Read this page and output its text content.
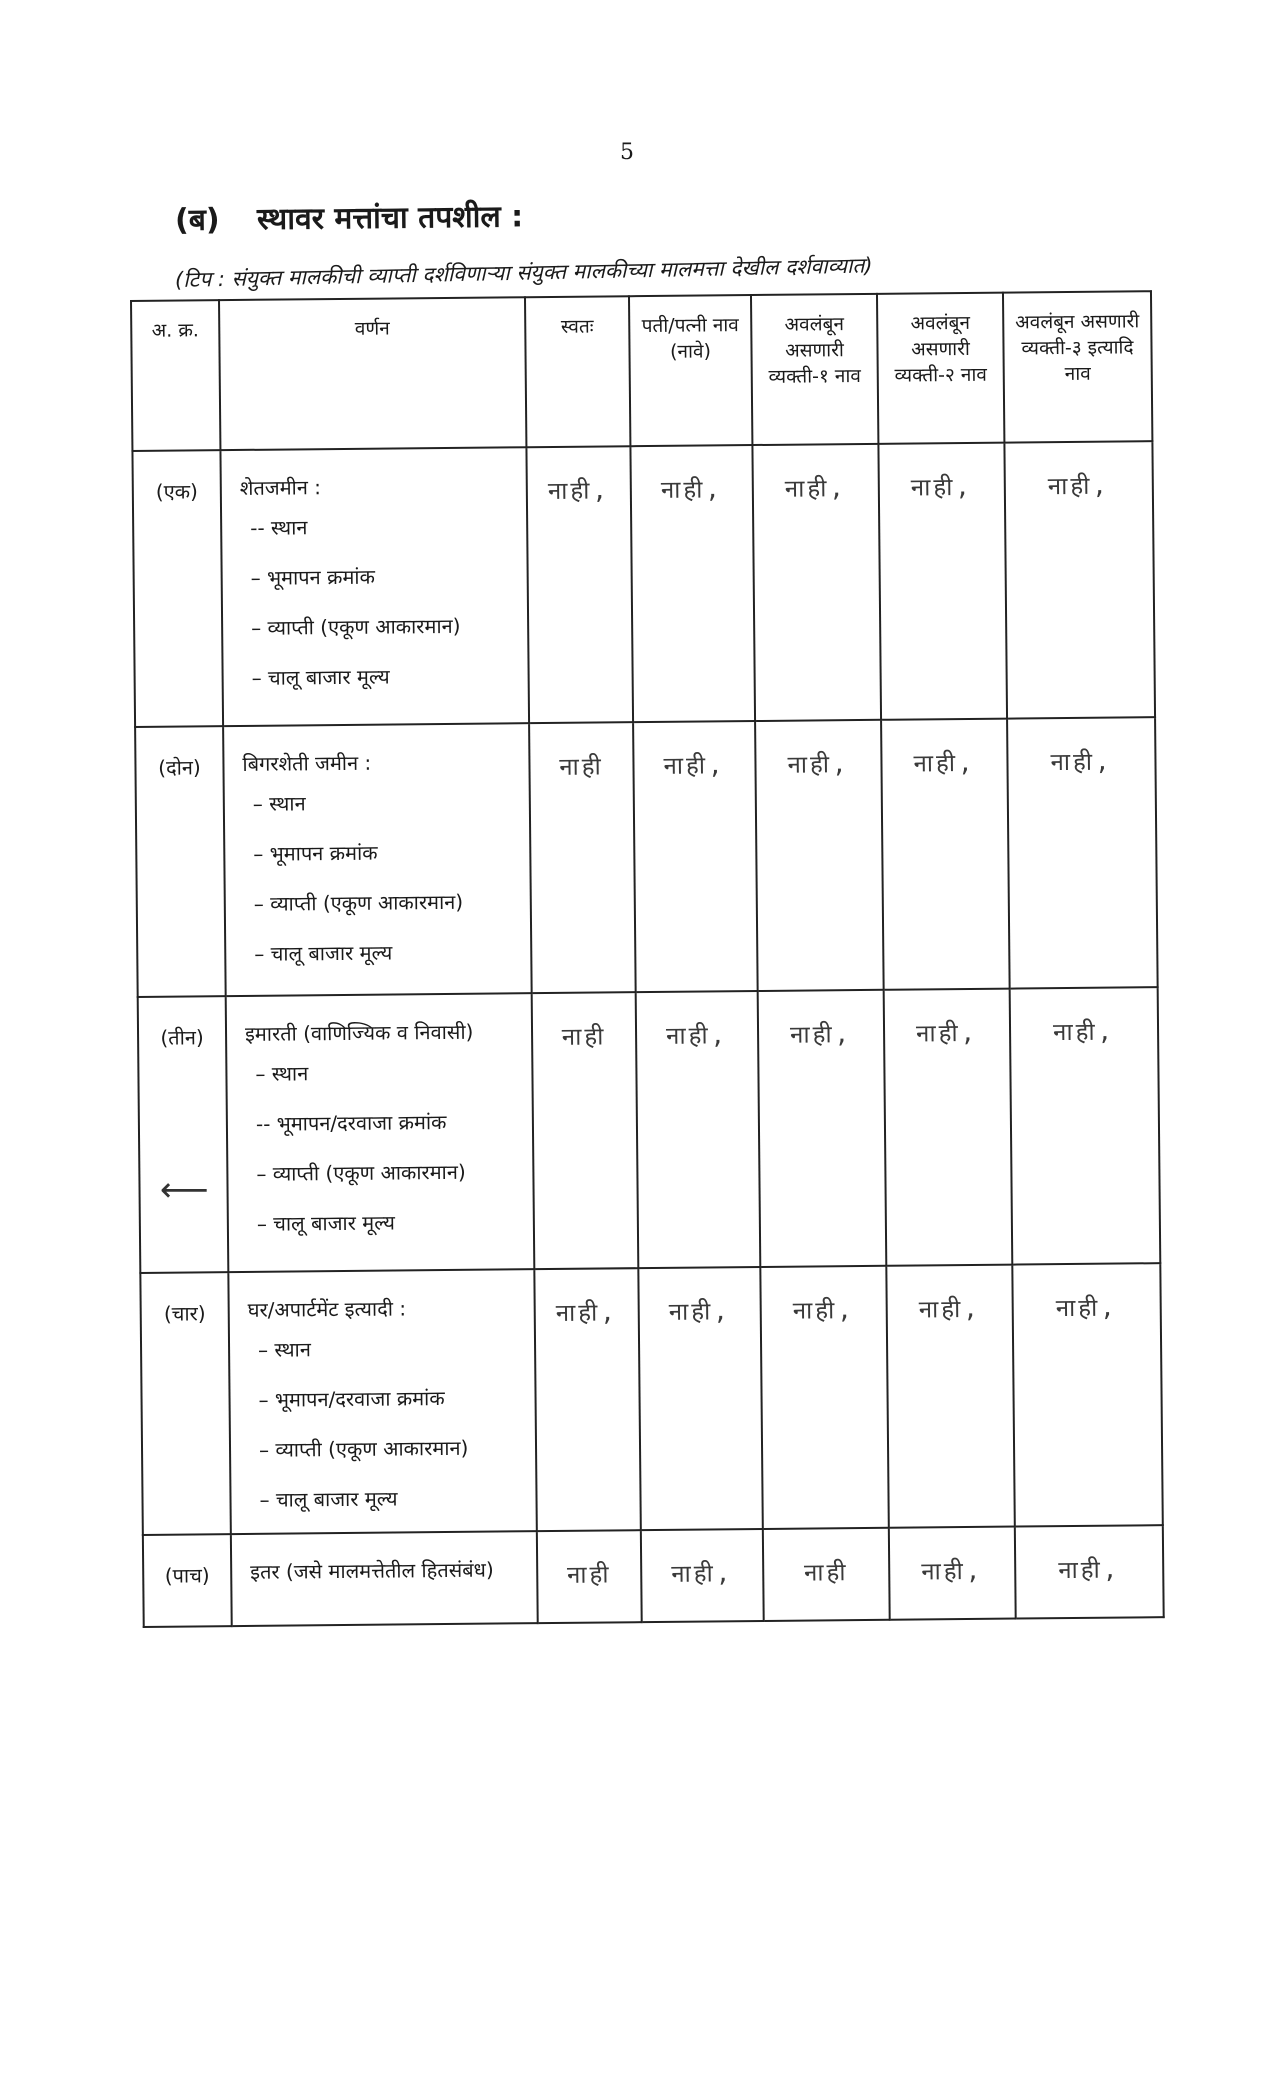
5
(ब) स्थावर मत्तांचा तपशील :
(टिप : संयुक्त मालकीची व्याप्ती दर्शविणाऱ्या संयुक्त मालकीच्या मालमत्ता देखील दर्शवाव्यात)
⟵
अ. क्र.	वर्णन	स्वतः	पती/पत्नी नाव (नावे)	अवलंबून असणारी व्यक्ती-१ नाव	अवलंबून असणारी व्यक्ती-२ नाव	अवलंबून असणारी व्यक्ती-३ इत्यादि नाव
(एक)	शेतजमीन :
-- स्थान
– भूमापन क्रमांक
– व्याप्ती (एकूण आकारमान)
– चालू बाजार मूल्य	नाही,	नाही,	नाही,	नाही,	नाही,
(दोन)	बिगरशेती जमीन :
– स्थान
– भूमापन क्रमांक
– व्याप्ती (एकूण आकारमान)
– चालू बाजार मूल्य	नाही	नाही,	नाही,	नाही,	नाही,
(तीन)	इमारती (वाणिज्यिक व निवासी)
– स्थान
-- भूमापन/दरवाजा क्रमांक
– व्याप्ती (एकूण आकारमान)
– चालू बाजार मूल्य	नाही	नाही,	नाही,	नाही,	नाही,
(चार)	घर/अपार्टमेंट इत्यादी :
– स्थान
– भूमापन/दरवाजा क्रमांक
– व्याप्ती (एकूण आकारमान)
– चालू बाजार मूल्य	नाही,	नाही,	नाही,	नाही,	नाही,
(पाच)	इतर (जसे मालमत्तेतील हितसंबंध)	नाही	नाही,	नाही	नाही,	नाही,
